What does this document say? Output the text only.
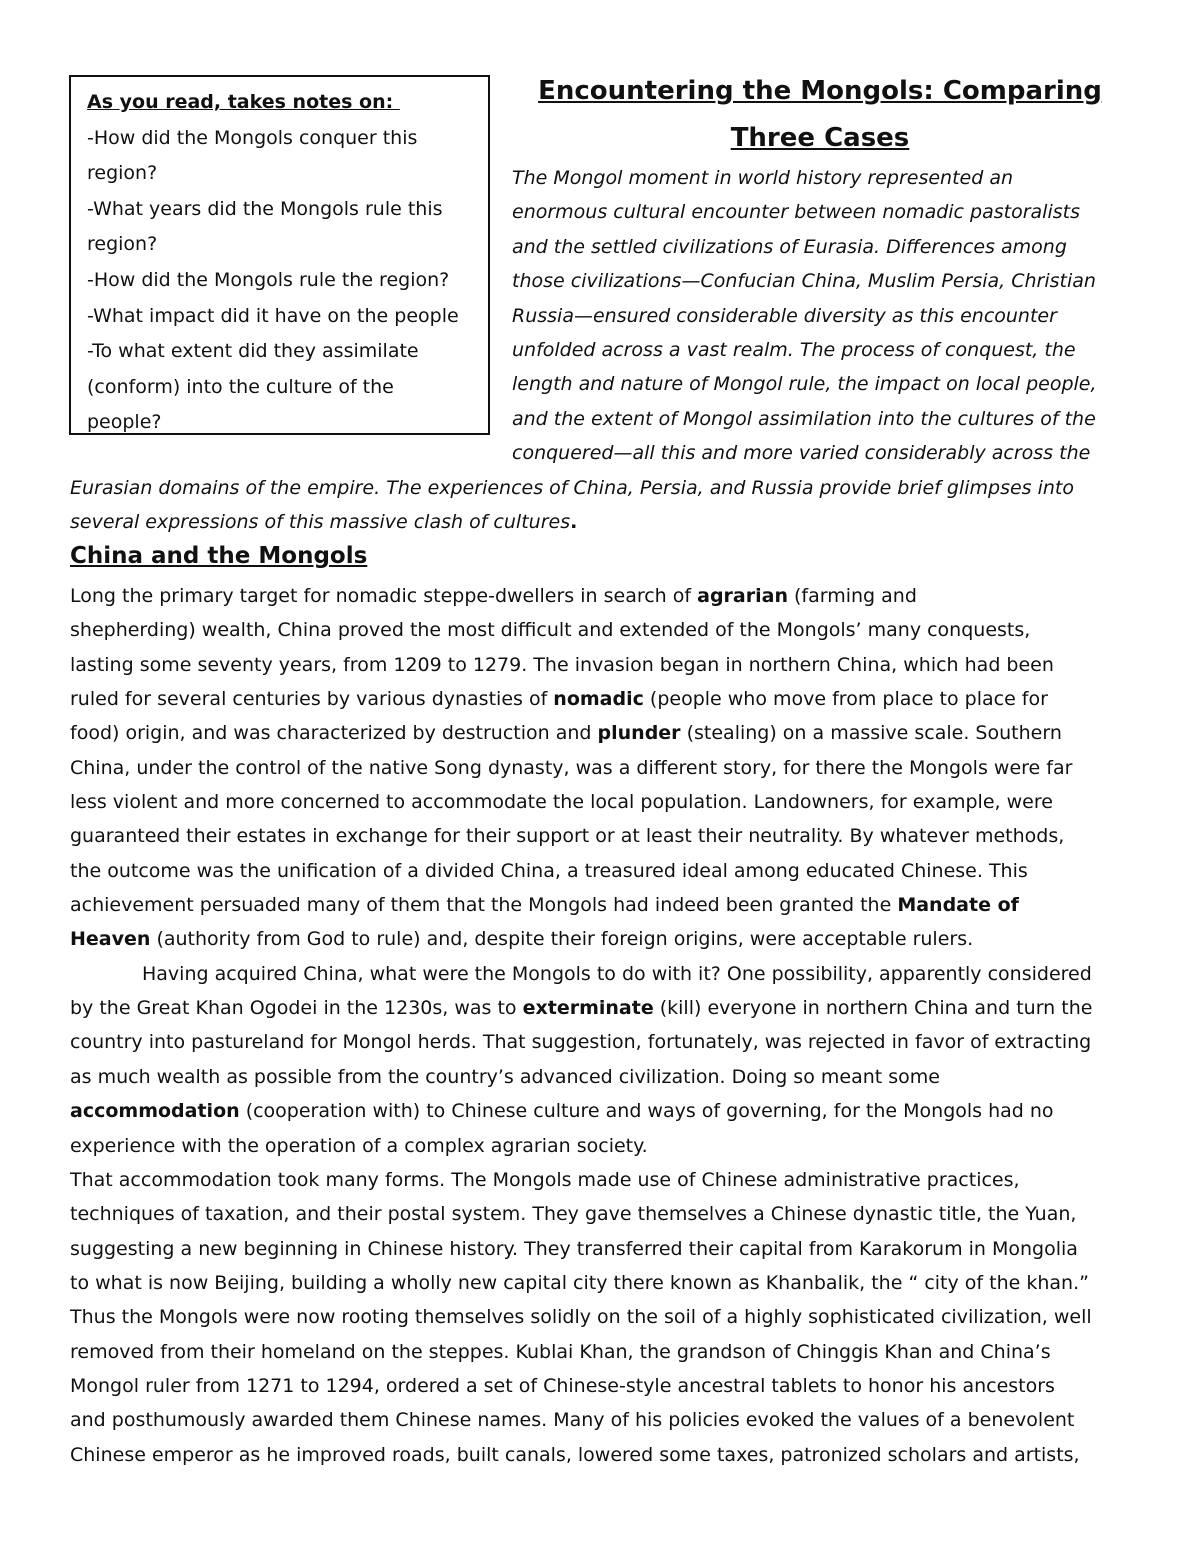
As you read, takes notes on:
-How did the Mongols conquer this
region?
-What years did the Mongols rule this
region?
-How did the Mongols rule the region?
-What impact did it have on the people
-To what extent did they assimilate
(conform) into the culture of the
people?
Encountering the Mongols: Comparing
Three Cases
The Mongol moment in world history represented an
enormous cultural encounter between nomadic pastoralists
and the settled civilizations of Eurasia. Differences among
those civilizations—Confucian China, Muslim Persia, Christian
Russia—ensured considerable diversity as this encounter
unfolded across a vast realm. The process of conquest, the
length and nature of Mongol rule, the impact on local people,
and the extent of Mongol assimilation into the cultures of the
conquered—all this and more varied considerably across the
Eurasian domains of the empire. The experiences of China, Persia, and Russia provide brief glimpses into
several expressions of this massive clash of cultures.
China and the Mongols
Long the primary target for nomadic steppe-dwellers in search of agrarian (farming and
shepherding) wealth, China proved the most difficult and extended of the Mongols’ many conquests,
lasting some seventy years, from 1209 to 1279. The invasion began in northern China, which had been
ruled for several centuries by various dynasties of nomadic (people who move from place to place for
food) origin, and was characterized by destruction and plunder (stealing) on a massive scale. Southern
China, under the control of the native Song dynasty, was a different story, for there the Mongols were far
less violent and more concerned to accommodate the local population. Landowners, for example, were
guaranteed their estates in exchange for their support or at least their neutrality. By whatever methods,
the outcome was the unification of a divided China, a treasured ideal among educated Chinese. This
achievement persuaded many of them that the Mongols had indeed been granted the Mandate of
Heaven (authority from God to rule) and, despite their foreign origins, were acceptable rulers.
Having acquired China, what were the Mongols to do with it? One possibility, apparently considered
by the Great Khan Ogodei in the 1230s, was to exterminate (kill) everyone in northern China and turn the
country into pastureland for Mongol herds. That suggestion, fortunately, was rejected in favor of extracting
as much wealth as possible from the country’s advanced civilization. Doing so meant some
accommodation (cooperation with) to Chinese culture and ways of governing, for the Mongols had no
experience with the operation of a complex agrarian society.
That accommodation took many forms. The Mongols made use of Chinese administrative practices,
techniques of taxation, and their postal system. They gave themselves a Chinese dynastic title, the Yuan,
suggesting a new beginning in Chinese history. They transferred their capital from Karakorum in Mongolia
to what is now Beijing, building a wholly new capital city there known as Khanbalik, the “ city of the khan.”
Thus the Mongols were now rooting themselves solidly on the soil of a highly sophisticated civilization, well
removed from their homeland on the steppes. Kublai Khan, the grandson of Chinggis Khan and China’s
Mongol ruler from 1271 to 1294, ordered a set of Chinese-style ancestral tablets to honor his ancestors
and posthumously awarded them Chinese names. Many of his policies evoked the values of a benevolent
Chinese emperor as he improved roads, built canals, lowered some taxes, patronized scholars and artists,
